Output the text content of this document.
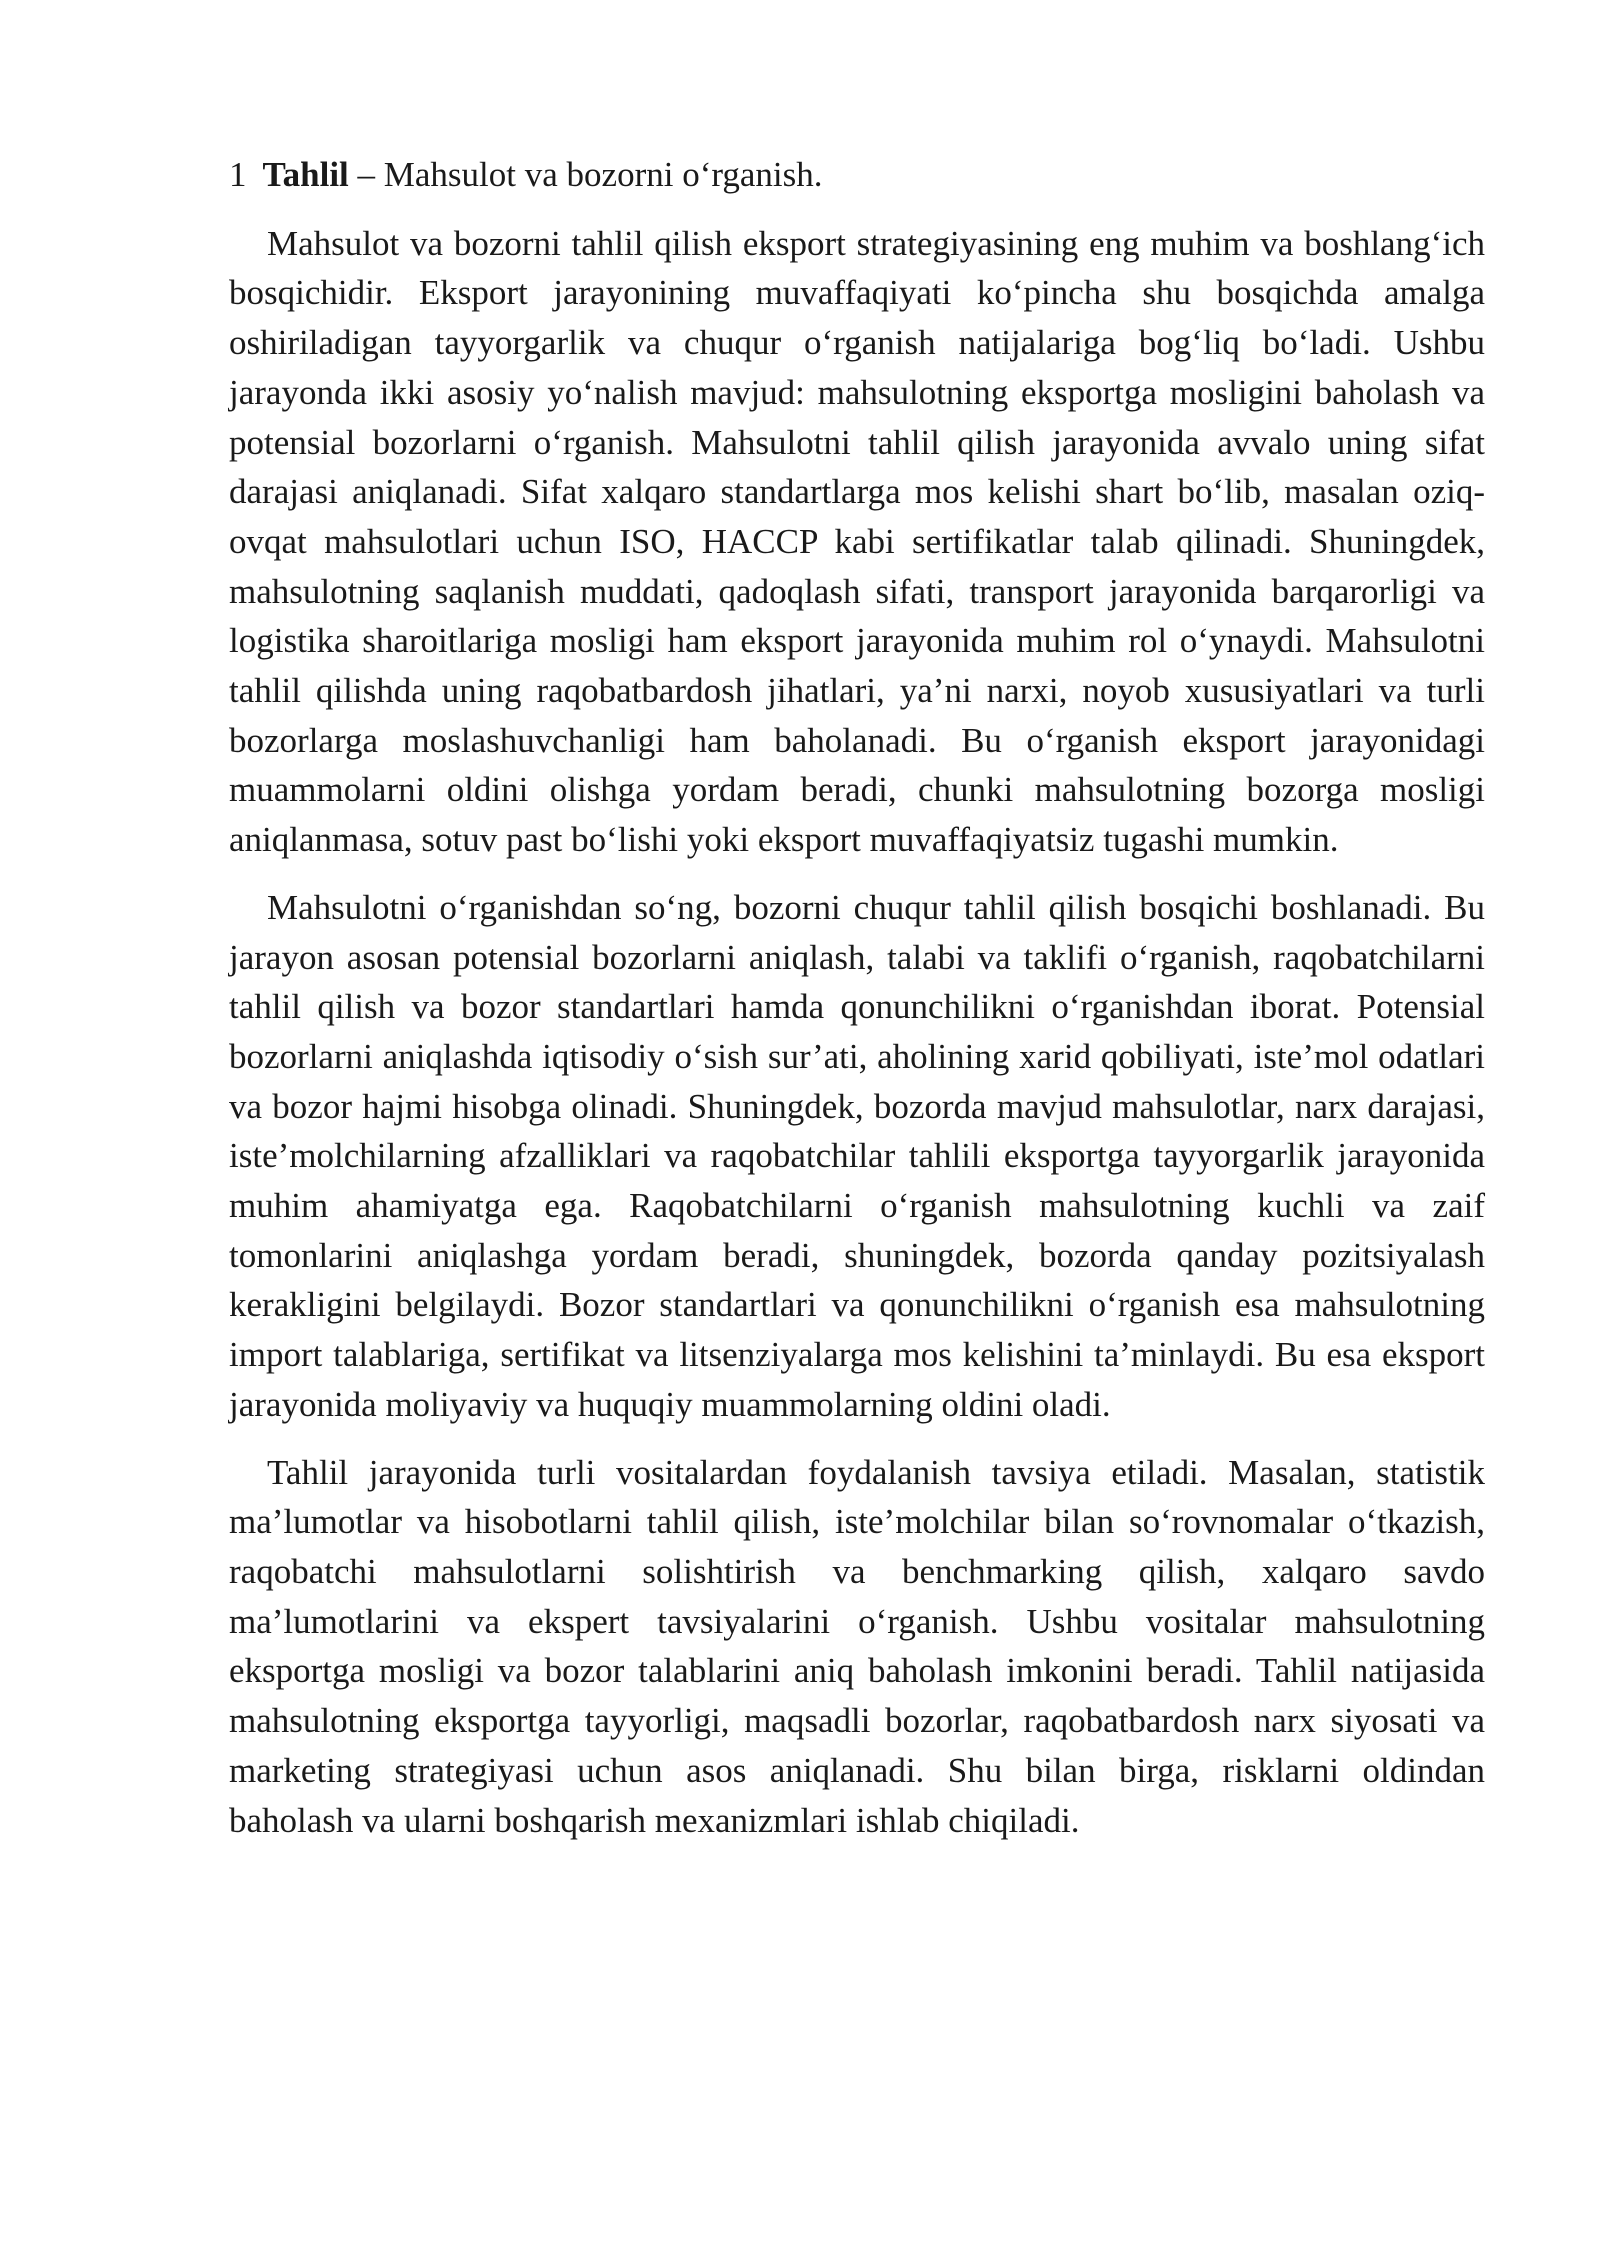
1 Tahlil – Mahsulot va bozorni o‘rganish.

Mahsulot va bozorni tahlil qilish eksport strategiyasining eng muhim va boshlang‘ich bosqichidir. Eksport jarayonining muvaffaqiyati ko‘pincha shu bosqichda amalga oshiriladigan tayyorgarlik va chuqur o‘rganish natijalariga bog‘liq bo‘ladi. Ushbu jarayonda ikki asosiy yo‘nalish mavjud: mahsulotning eksportga mosligini baholash va potensial bozorlarni o‘rganish. Mahsulotni tahlil qilish jarayonida avvalo uning sifat darajasi aniqlanadi. Sifat xalqaro standartlarga mos kelishi shart bo‘lib, masalan oziq-ovqat mahsulotlari uchun ISO, HACCP kabi sertifikatlar talab qilinadi. Shuningdek, mahsulotning saqlanish muddati, qadoqlash sifati, transport jarayonida barqarorligi va logistika sharoitlariga mosligi ham eksport jarayonida muhim rol o‘ynaydi. Mahsulotni tahlil qilishda uning raqobatbardosh jihatlari, ya’ni narxi, noyob xususiyatlari va turli bozorlarga moslashuvchanligi ham baholanadi. Bu o‘rganish eksport jarayonidagi muammolarni oldini olishga yordam beradi, chunki mahsulotning bozorga mosligi aniqlanmasa, sotuv past bo‘lishi yoki eksport muvaffaqiyatsiz tugashi mumkin.

Mahsulotni o‘rganishdan so‘ng, bozorni chuqur tahlil qilish bosqichi boshlanadi. Bu jarayon asosan potensial bozorlarni aniqlash, talabi va taklifi o‘rganish, raqobatchilarni tahlil qilish va bozor standartlari hamda qonunchilikni o‘rganishdan iborat. Potensial bozorlarni aniqlashda iqtisodiy o‘sish sur’ati, aholining xarid qobiliyati, iste’mol odatlari va bozor hajmi hisobga olinadi. Shuningdek, bozorda mavjud mahsulotlar, narx darajasi, iste’molchilarning afzalliklari va raqobatchilar tahlili eksportga tayyorgarlik jarayonida muhim ahamiyatga ega. Raqobatchilarni o‘rganish mahsulotning kuchli va zaif tomonlarini aniqlashga yordam beradi, shuningdek, bozorda qanday pozitsiyalash kerakligini belgilaydi. Bozor standartlari va qonunchilikni o‘rganish esa mahsulotning import talablariga, sertifikat va litsenziyalarga mos kelishini ta’minlaydi. Bu esa eksport jarayonida moliyaviy va huquqiy muammolarning oldini oladi.

Tahlil jarayonida turli vositalardan foydalanish tavsiya etiladi. Masalan, statistik ma’lumotlar va hisobotlarni tahlil qilish, iste’molchilar bilan so‘rovnomalar o‘tkazish, raqobatchi mahsulotlarni solishtirish va benchmarking qilish, xalqaro savdo ma’lumotlarini va ekspert tavsiyalarini o‘rganish. Ushbu vositalar mahsulotning eksportga mosligi va bozor talablarini aniq baholash imkonini beradi. Tahlil natijasida mahsulotning eksportga tayyorligi, maqsadli bozorlar, raqobatbardosh narx siyosati va marketing strategiyasi uchun asos aniqlanadi. Shu bilan birga, risklarni oldindan baholash va ularni boshqarish mexanizmlari ishlab chiqiladi.
